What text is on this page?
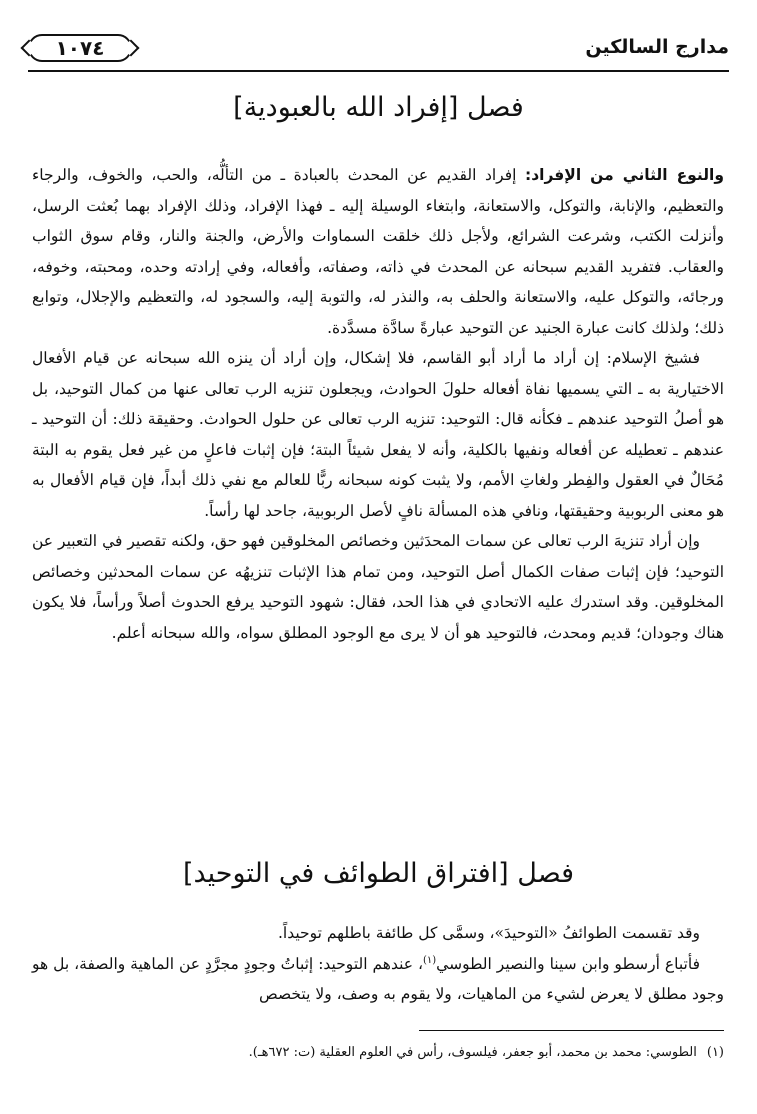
١٠٧٤	مدارج السالكين
فصل [إفراد الله بالعبودية]

والنوع الثاني من الإفراد: إفراد القديم عن المحدث بالعبادة ـ من التألُّه، والحب، والخوف، والرجاء والتعظيم، والإنابة، والتوكل، والاستعانة، وابتغاء الوسيلة إليه ـ فهذا الإفراد، وذلك الإفراد بهما بُعثت الرسل، وأنزلت الكتب، وشرعت الشرائع، ولأجل ذلك خلقت السماوات والأرض، والجنة والنار، وقام سوق الثواب والعقاب. فتفريد القديم سبحانه عن المحدث في ذاته، وصفاته، وأفعاله، وفي إرادته وحده، ومحبته، وخوفه، ورجائه، والتوكل عليه، والاستعانة والحلف به، والنذر له، والتوبة إليه، والسجود له، والتعظيم والإجلال، وتوابع ذلك؛ ولذلك كانت عبارة الجنيد عن التوحيد عبارةً سادَّة مسدَّدة.

فشيخ الإسلام: إن أراد ما أراد أبو القاسم، فلا إشكال، وإن أراد أن ينزه الله سبحانه عن قيام الأفعال الاختيارية به ـ التي يسميها نفاة أفعاله حلولَ الحوادث، ويجعلون تنزيه الرب تعالى عنها من كمال التوحيد، بل هو أصلُ التوحيد عندهم ـ فكأنه قال: التوحيد: تنزيه الرب تعالى عن حلول الحوادث. وحقيقة ذلك: أن التوحيد ـ عندهم ـ تعطيله عن أفعاله ونفيها بالكلية، وأنه لا يفعل شيئاً البتة؛ فإن إثبات فاعلٍ من غير فعل يقوم به البتة مُحَالٌ في العقول والفِطر ولغاتِ الأمم، ولا يثبت كونه سبحانه ربًّا للعالم مع نفي ذلك أبداً، فإن قيام الأفعال به هو معنى الربوبية وحقيقتها، ونافي هذه المسألة نافٍ لأصل الربوبية، جاحد لها رأساً.

وإن أراد تنزيهَ الرب تعالى عن سمات المحدَثين وخصائص المخلوقين فهو حق، ولكنه تقصير في التعبير عن التوحيد؛ فإن إثبات صفات الكمال أصل التوحيد، ومن تمام هذا الإثبات تنزيهُه عن سمات المحدثين وخصائص المخلوقين. وقد استدرك عليه الاتحادي في هذا الحد، فقال: شهود التوحيد يرفع الحدوث أصلاً ورأساً، فلا يكون هناك وجودان؛ قديم ومحدث، فالتوحيد هو أن لا يرى مع الوجود المطلق سواه، والله سبحانه أعلم.

فصل [افتراق الطوائف في التوحيد]

وقد تقسمت الطوائفُ «التوحيدَ»، وسمَّى كل طائفة باطلهم توحيداً.

فأتباع أرسطو وابن سينا والنصير الطوسي$^{(١)}$، عندهم التوحيد: إثباتُ وجودٍ مجرَّدٍ عن الماهية والصفة، بل هو وجود مطلق لا يعرض لشيء من الماهيات، ولا يقوم به وصف، ولا يتخصص

(١)الطوسي: محمد بن محمد، أبو جعفر، فيلسوف، رأس في العلوم العقلية (ت: ٦٧٢هـ).
